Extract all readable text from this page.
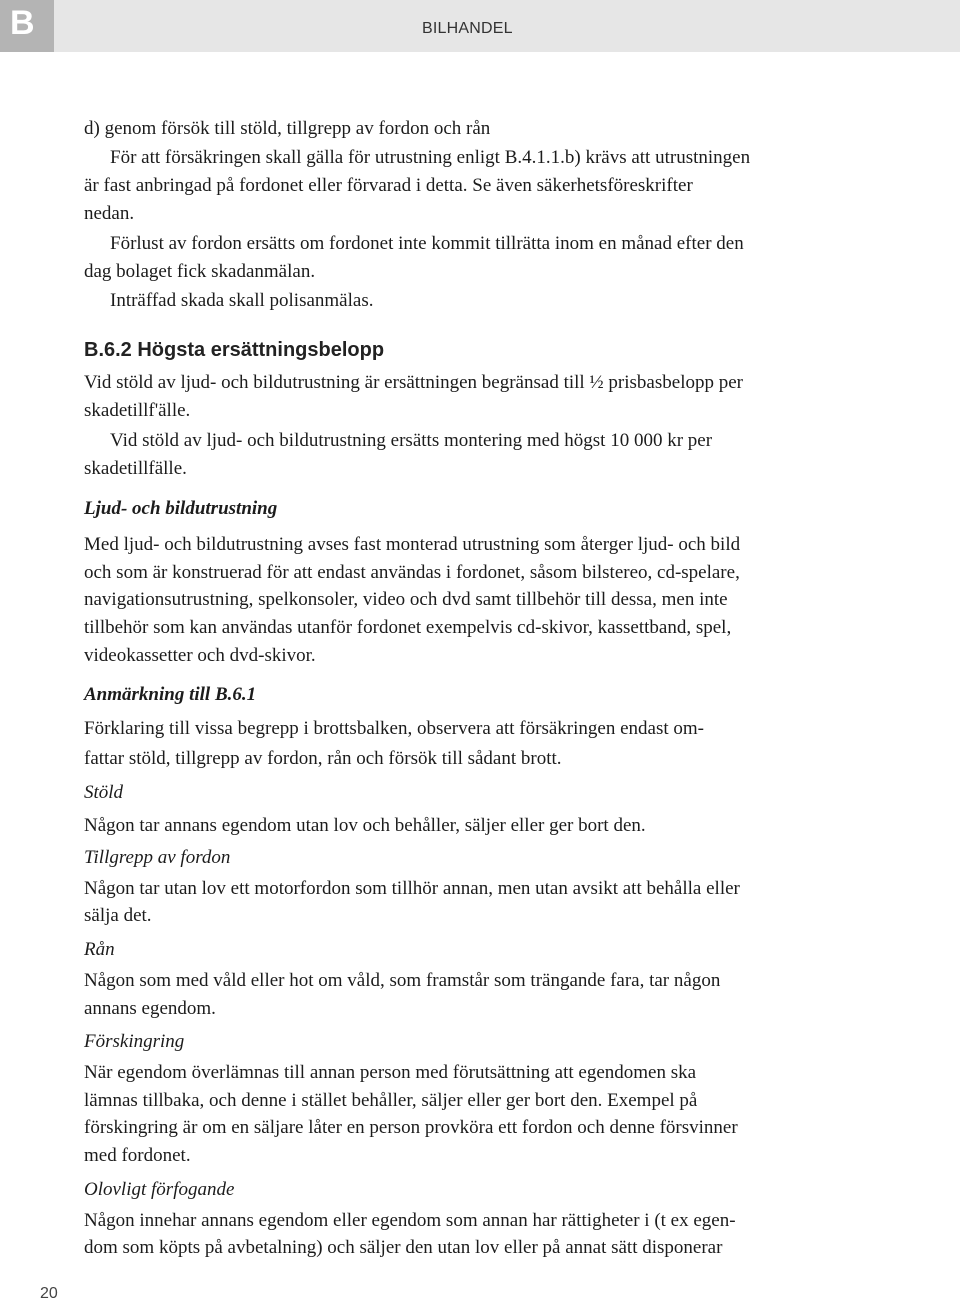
B	BILHANDEL
d) genom försök till stöld, tillgrepp av fordon och rån
För att försäkringen skall gälla för utrustning enligt B.4.1.1.b) krävs att utrustningen
är fast anbringad på fordonet eller förvarad i detta. Se även säkerhetsföreskrifter
nedan.
Förlust av fordon ersätts om fordonet inte kommit tillrätta inom en månad efter den
dag bolaget fick skadanmälan.
Inträffad skada skall polisanmälas.
B.6.2 Högsta ersättningsbelopp
Vid stöld av ljud- och bildutrustning är ersättningen begränsad till ½ prisbasbelopp per
skadetillf'älle.
Vid stöld av ljud- och bildutrustning ersätts montering med högst 10 000 kr per
skadetillfälle.
Ljud- och bildutrustning
Med ljud- och bildutrustning avses fast monterad utrustning som återger ljud- och bild
och som är konstruerad för att endast användas i fordonet, såsom bilstereo, cd-spelare,
navigationsutrustning, spelkonsoler, video och dvd samt tillbehör till dessa, men inte
tillbehör som kan användas utanför fordonet exempelvis cd-skivor, kassettband, spel,
videokassetter och dvd-skivor.
Anmärkning till B.6.1
Förklaring till vissa begrepp i brottsbalken, observera att försäkringen endast om-
fattar stöld, tillgrepp av fordon, rån och försök till sådant brott.
Stöld
Någon tar annans egendom utan lov och behåller, säljer eller ger bort den.
Tillgrepp av fordon
Någon tar utan lov ett motorfordon som tillhör annan, men utan avsikt att behålla eller
sälja det.
Rån
Någon som med våld eller hot om våld, som framstår som trängande fara, tar någon
annans egendom.
Förskingring
När egendom överlämnas till annan person med förutsättning att egendomen ska
lämnas tillbaka, och denne i stället behåller, säljer eller ger bort den. Exempel på
förskingring är om en säljare låter en person provköra ett fordon och denne försvinner
med fordonet.
Olovligt förfogande
Någon innehar annans egendom eller egendom som annan har rättigheter i (t ex egen-
dom som köpts på avbetalning) och säljer den utan lov eller på annat sätt disponerar
20
